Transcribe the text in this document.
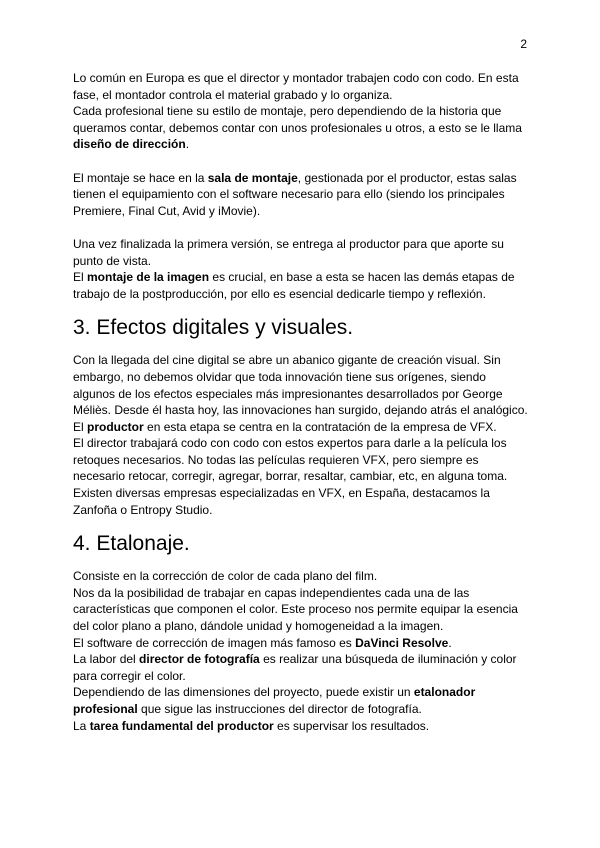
2

Lo común en Europa es que el director y montador trabajen codo con codo. En esta fase, el montador controla el material grabado y lo organiza.

Cada profesional tiene su estilo de montaje, pero dependiendo de la historia que queramos contar, debemos contar con unos profesionales u otros, a esto se le llama diseño de dirección.

El montaje se hace en la sala de montaje, gestionada por el productor, estas salas tienen el equipamiento con el software necesario para ello (siendo los principales Premiere, Final Cut, Avid y iMovie).

Una vez finalizada la primera versión, se entrega al productor para que aporte su punto de vista.

El montaje de la imagen es crucial, en base a esta se hacen las demás etapas de trabajo de la postproducción, por ello es esencial dedicarle tiempo y reflexión.

3. Efectos digitales y visuales.

Con la llegada del cine digital se abre un abanico gigante de creación visual. Sin embargo, no debemos olvidar que toda innovación tiene sus orígenes, siendo algunos de los efectos especiales más impresionantes desarrollados por George Méliès. Desde él hasta hoy, las innovaciones han surgido, dejando atrás el analógico.

El productor en esta etapa se centra en la contratación de la empresa de VFX.

El director trabajará codo con codo con estos expertos para darle a la película los retoques necesarios. No todas las películas requieren VFX, pero siempre es necesario retocar, corregir, agregar, borrar, resaltar, cambiar, etc, en alguna toma.

Existen diversas empresas especializadas en VFX, en España, destacamos la Zanfoña o Entropy Studio.

4. Etalonaje.

Consiste en la corrección de color de cada plano del film.

Nos da la posibilidad de trabajar en capas independientes cada una de las características que componen el color. Este proceso nos permite equipar la esencia del color plano a plano, dándole unidad y homogeneidad a la imagen.

El software de corrección de imagen más famoso es DaVinci Resolve.

La labor del director de fotografía es realizar una búsqueda de iluminación y color para corregir el color.

Dependiendo de las dimensiones del proyecto, puede existir un etalonador profesional que sigue las instrucciones del director de fotografía.

La tarea fundamental del productor es supervisar los resultados.
